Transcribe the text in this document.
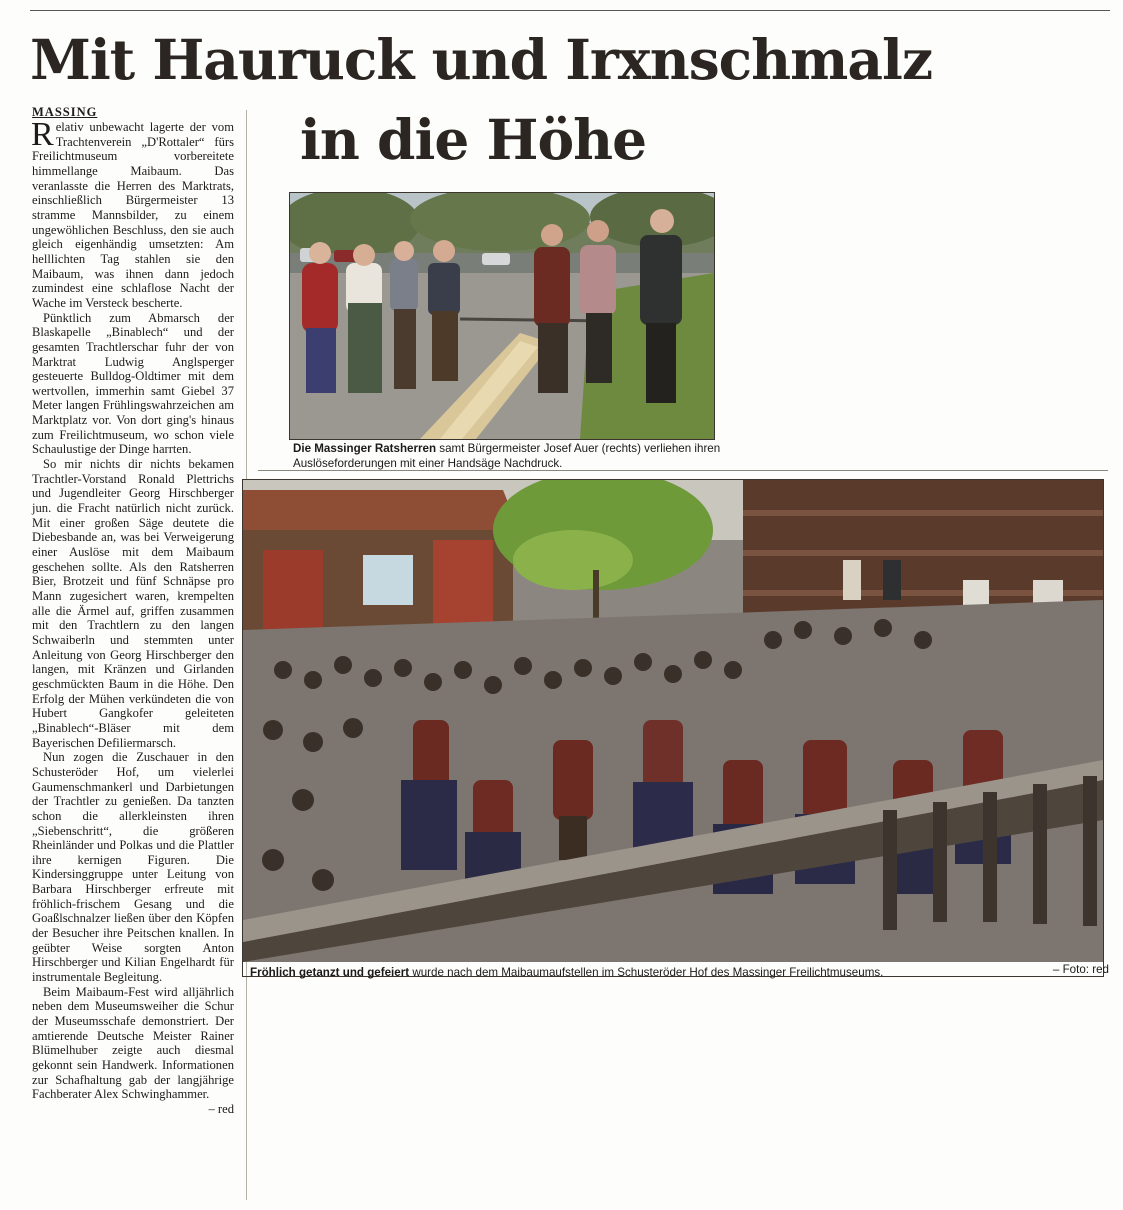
Mit Hauruck und Irxnschmalz
in die Höhe
MASSING

Relativ unbewacht lagerte der vom Trachtenverein „D'Rottaler“ fürs Freilichtmuseum vorbereitete himmellange Maibaum. Das veranlasste die Herren des Marktrats, einschließlich Bürgermeister 13 stramme Mannsbilder, zu einem ungewöhlichen Beschluss, den sie auch gleich eigenhändig umsetzten: Am helllichten Tag stahlen sie den Maibaum, was ihnen dann jedoch zumindest eine schlaflose Nacht der Wache im Versteck bescherte.

Pünktlich zum Abmarsch der Blaskapelle „Binablech“ und der gesamten Trachtlerschar fuhr der von Marktrat Ludwig Anglsperger gesteuerte Bulldog-Oldtimer mit dem wertvollen, immerhin samt Giebel 37 Meter langen Frühlingswahrzeichen am Marktplatz vor. Von dort ging's hinaus zum Freilichtmuseum, wo schon viele Schaulustige der Dinge harrten.

So mir nichts dir nichts bekamen Trachtler-Vorstand Ronald Plettrichs und Jugendleiter Georg Hirschberger jun. die Fracht natürlich nicht zurück. Mit einer großen Säge deutete die Diebesbande an, was bei Verweigerung einer Auslöse mit dem Maibaum geschehen sollte. Als den Ratsherren Bier, Brotzeit und fünf Schnäpse pro Mann zugesichert waren, krempelten alle die Ärmel auf, griffen zusammen mit den Trachtlern zu den langen Schwaiberln und stemmten unter Anleitung von Georg Hirschberger den langen, mit Kränzen und Girlanden geschmückten Baum in die Höhe. Den Erfolg der Mühen verkündeten die von Hubert Gangkofer geleiteten „Binablech“-Bläser mit dem Bayerischen Defiliermarsch.

Nun zogen die Zuschauer in den Schusteröder Hof, um vielerlei Gaumenschmankerl und Darbietungen der Trachtler zu genießen. Da tanzten schon die allerkleinsten ihren „Siebenschritt“, die größeren Rheinländer und Polkas und die Plattler ihre kernigen Figuren. Die Kindersinggruppe unter Leitung von Barbara Hirschberger erfreute mit fröhlich-frischem Gesang und die Goaßlschnalzer ließen über den Köpfen der Besucher ihre Peitschen knallen. In geübter Weise sorgten Anton Hirschberger und Kilian Engelhardt für instrumentale Begleitung.

Beim Maibaum-Fest wird alljährlich neben dem Museumsweiher die Schur der Museumsschafe demonstriert. Der amtierende Deutsche Meister Rainer Blümelhuber zeigte auch diesmal gekonnt sein Handwerk. Informationen zur Schafhaltung gab der langjährige Fachberater Alex Schwinghammer.

– red
Die Massinger Ratsherren samt Bürgermeister Josef Auer (rechts) verliehen ihren Auslöseforderungen mit einer Handsäge Nachdruck.
Fröhlich getanzt und gefeiert wurde nach dem Maibaumaufstellen im Schusteröder Hof des Massinger Freilichtmuseums.	– Foto: red
